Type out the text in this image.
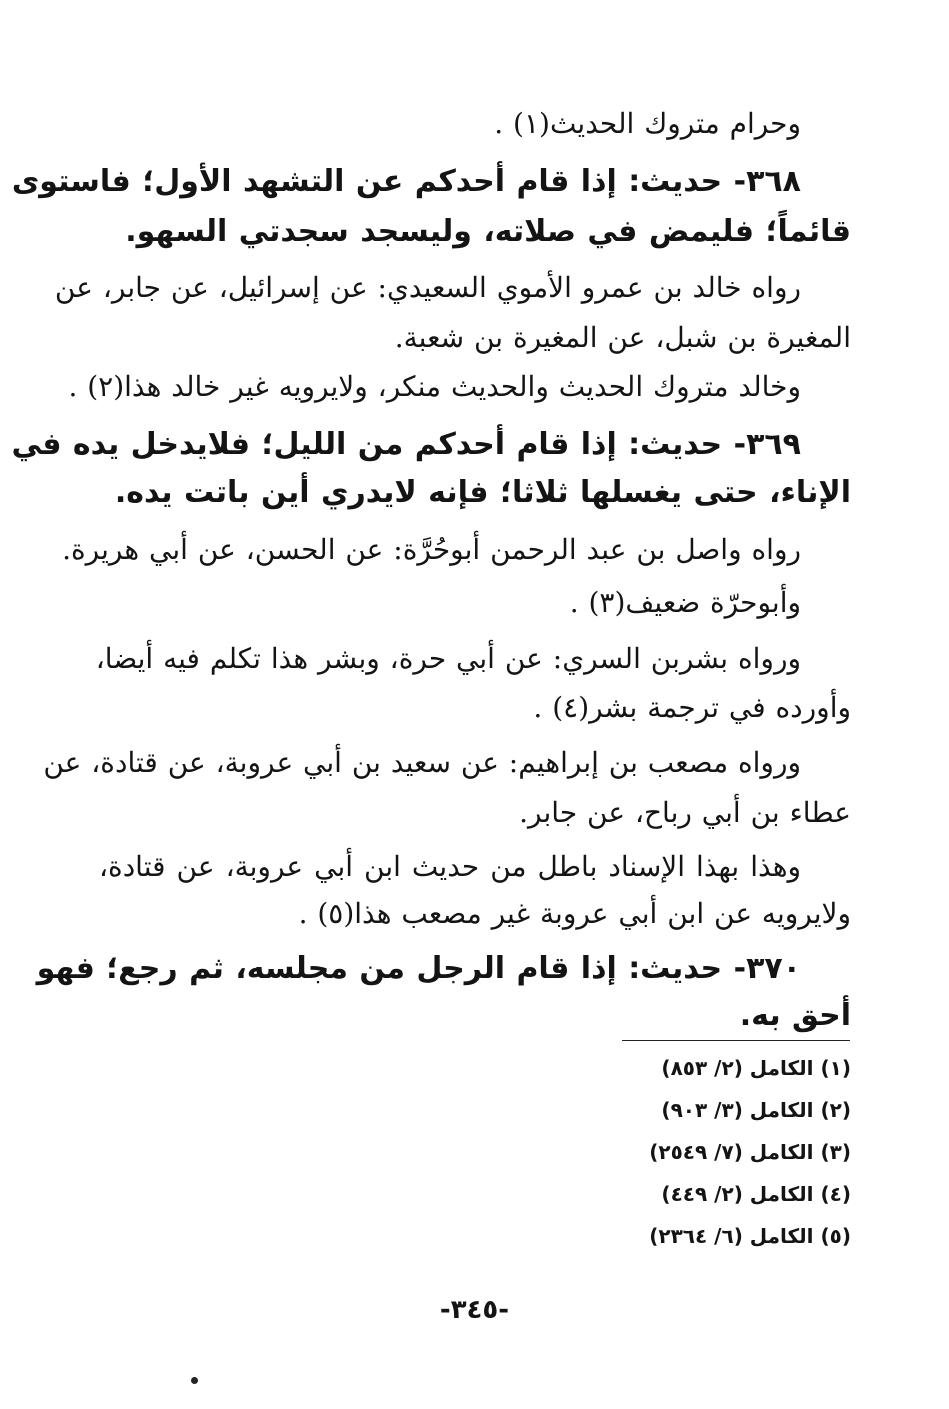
وحرام متروك الحديث(١) .

٣٦٨- حديث: إذا قام أحدكم عن التشهد الأول؛ فاستوى

قائماً؛ فليمض في صلاته، وليسجد سجدتي السهو.

رواه خالد بن عمرو الأموي السعيدي: عن إسرائيل، عن جابر، عن

المغيرة بن شبل، عن المغيرة بن شعبة.

وخالد متروك الحديث والحديث منكر، ولايرويه غير خالد هذا(٢) .

٣٦٩- حديث: إذا قام أحدكم من الليل؛ فلايدخل يده في

الإناء، حتى يغسلها ثلاثا؛ فإنه لايدري أين باتت يده.

رواه واصل بن عبد الرحمن أبوحُرَّة: عن الحسن، عن أبي هريرة.

وأبوحرّة ضعيف(٣) .

ورواه بشربن السري: عن أبي حرة، وبشر هذا تكلم فيه أيضا،

وأورده في ترجمة بشر(٤) .

ورواه مصعب بن إبراهيم: عن سعيد بن أبي عروبة، عن قتادة، عن

عطاء بن أبي رباح، عن جابر.

وهذا بهذا الإسناد باطل من حديث ابن أبي عروبة، عن قتادة،

ولايرويه عن ابن أبي عروبة غير مصعب هذا(٥) .

٣٧٠- حديث: إذا قام الرجل من مجلسه، ثم رجع؛ فهو

أحق به.

(١) الكامل (٢/ ٨٥٣)

(٢) الكامل (٣/ ٩٠٣)

(٣) الكامل (٧/ ٢٥٤٩)

(٤) الكامل (٢/ ٤٤٩)

(٥) الكامل (٦/ ٢٣٦٤)

-٣٤٥-
